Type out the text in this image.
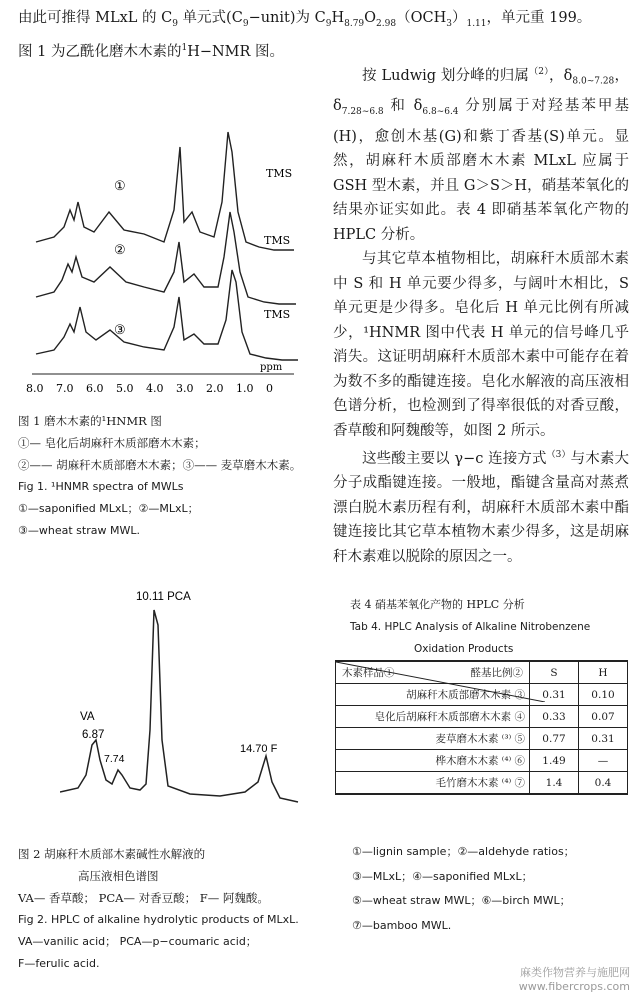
由此可推得 MLxL 的 $C_9$ 单元式$(C_9-unit)$为 $C_9H_{8.79}O_{2.98}(OCH_3)_{1.11}$，单元重 199。
图 1 为乙酰化磨木木素的$^1$H−NMR 图。
①
②
③
TMS
TMS
TMS
ppm
8.0 7.0 6.0 5.0 4.0 3.0 2.0 1.0 0
图 1 磨木木素的¹HNMR 图
①— 皂化后胡麻秆木质部磨木木素；
②—— 胡麻秆木质部磨木木素；③—— 麦草磨木木素。
Fig 1. ¹HNMR spectra of MWLs
①—saponified MLxL；②—MLxL；
③—wheat straw MWL.
10.11 PCA
VA
6.87
7.74
14.70 F
图 2 胡麻秆木质部木素碱性水解液的
高压液相色谱图
VA— 香草酸； PCA— 对香豆酸； F— 阿魏酸。
Fig 2. HPLC of alkaline hydrolytic products of MLxL.
VA—vanilic acid； PCA—p−coumaric acid；
F—ferulic acid.

按 Ludwig 划分峰的归属$^{(2)}$，$\delta_{8.0\sim 7.28}$，$\delta_{7.28\sim 6.8}$ 和 $\delta_{6.8\sim 6.4}$ 分别属于对羟基苯甲基 (H)，愈创木基(G)和紫丁香基(S)单元。显然，胡麻秆木质部磨木木素 MLxL 应属于 GSH 型木素，并且 G＞S＞H，硝基苯氧化的结果亦证实如此。表 4 即硝基苯氧化产物的 HPLC 分析。

与其它草本植物相比，胡麻秆木质部木素中 S 和 H 单元要少得多，与阔叶木相比，S 单元更是少得多。皂化后 H 单元比例有所减少，¹HNMR 图中代表 H 单元的信号峰几乎消失。这证明胡麻秆木质部木素中可能存在着为数不多的酯键连接。皂化水解液的高压液相色谱分析，也检测到了得率很低的对香豆酸，香草酸和阿魏酸等，如图 2 所示。

这些酸主要以 γ−c 连接方式$^{(3)}$与木素大分子成酯键连接。一般地，酯键含量高对蒸煮漂白脱木素历程有利，胡麻秆木质部木素中酯键连接比其它草本植物木素少得多，这是胡麻秆木素难以脱除的原因之一。

表 4 硝基苯氧化产物的 HPLC 分析
Tab 4. HPLC Analysis of Alkaline Nitrobenzene
Oxidation Products
醛基比例②
木素样品①	S	H
胡麻秆木质部磨木木素 ③	0.31	0.10
皂化后胡麻秆木质部磨木木素 ④	0.33	0.07
麦草磨木木素 ⁽³⁾ ⑤	0.77	0.31
桦木磨木木素 ⁽⁴⁾ ⑥	1.49	—
毛竹磨木木素 ⁽⁴⁾ ⑦	1.4	0.4
①—lignin sample；②—aldehyde ratios；
③—MLxL；④—saponified MLxL；
⑤—wheat straw MWL；⑥—birch MWL；
⑦—bamboo MWL.
麻类作物营养与施肥网
www.fibercrops.com
